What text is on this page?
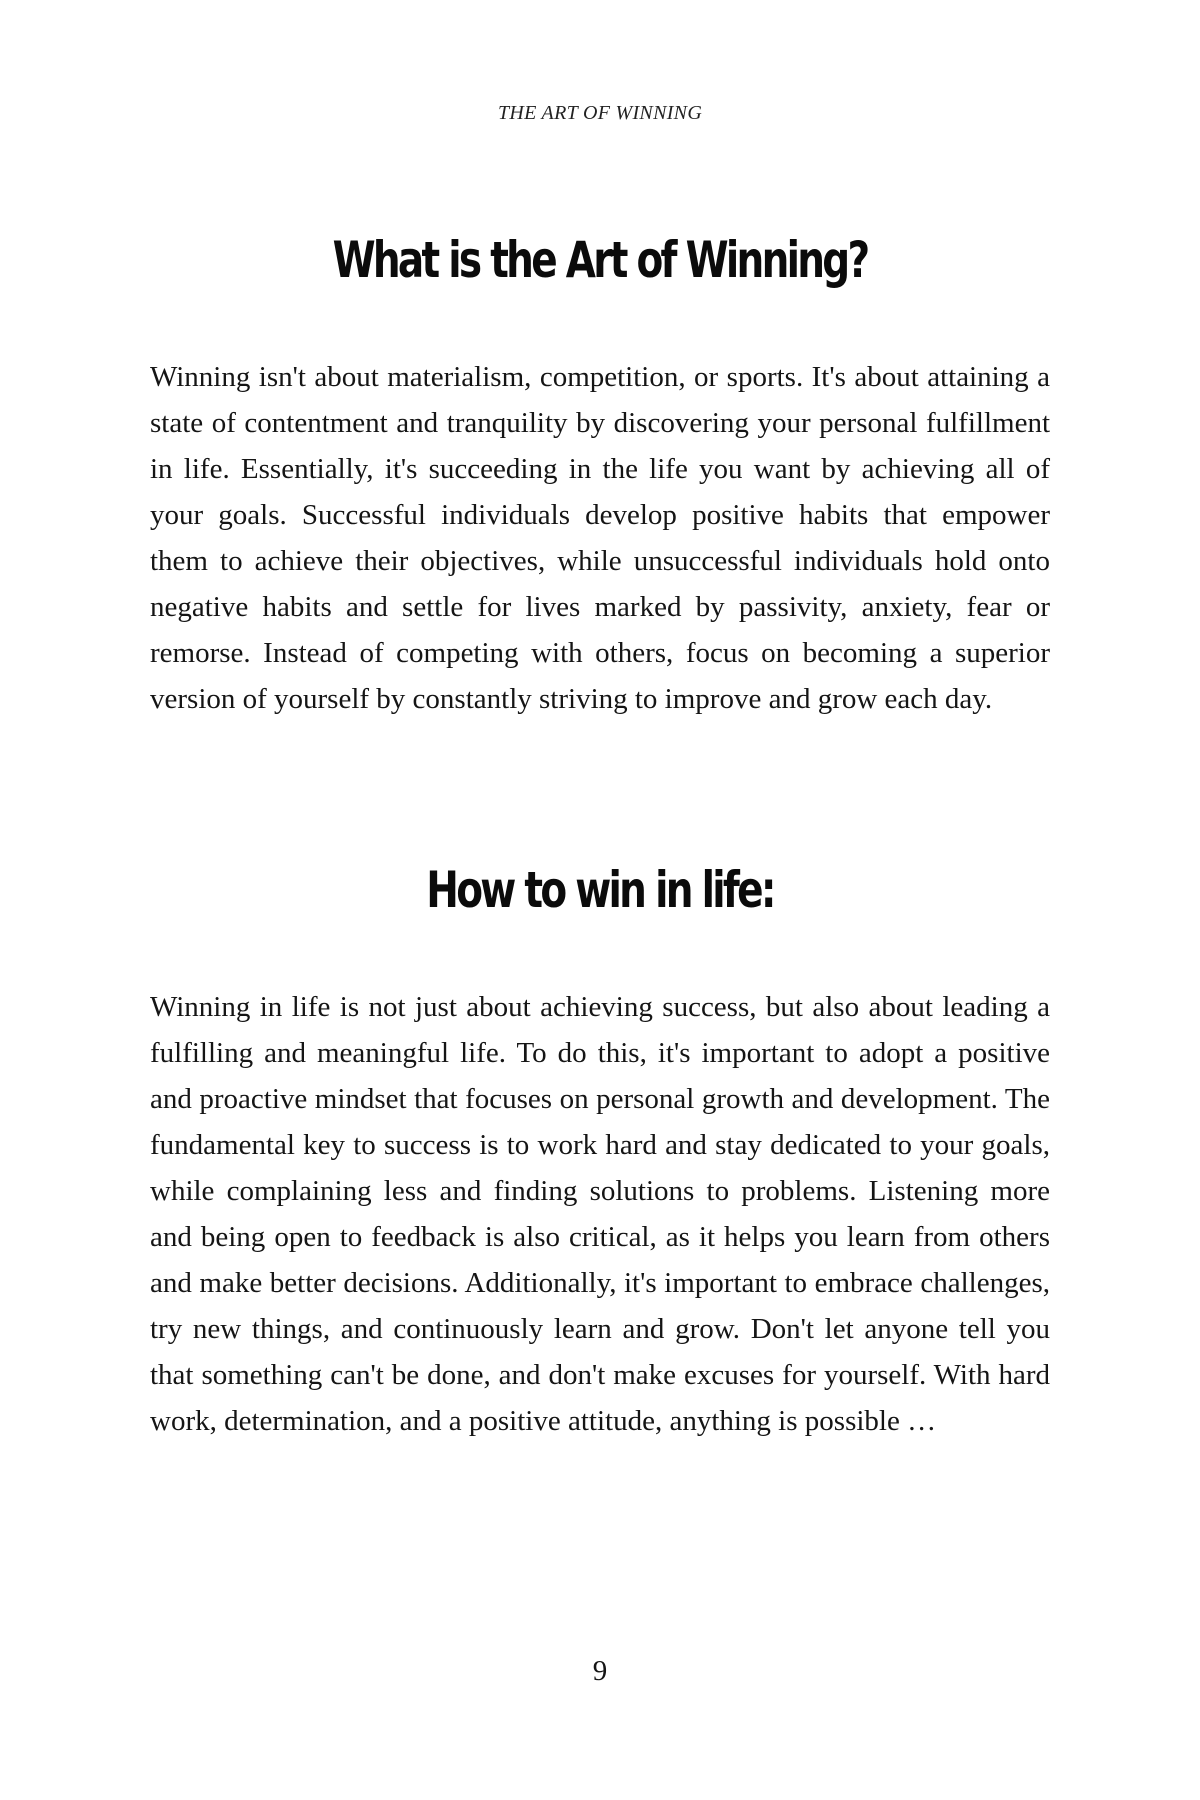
THE ART OF WINNING
What is the Art of Winning?

Winning isn't about materialism, competition, or sports. It's about attaining a state of contentment and tranquility by discovering your personal fulfillment in life. Essentially, it's succeeding in the life you want by achieving all of your goals. Successful individuals develop positive habits that empower them to achieve their objectives, while unsuccessful individuals hold onto negative habits and settle for lives marked by passivity, anxiety, fear or remorse. Instead of competing with others, focus on becoming a superior version of yourself by constantly striving to improve and grow each day.

How to win in life:

Winning in life is not just about achieving success, but also about leading a fulfilling and meaningful life. To do this, it's important to adopt a positive and proactive mindset that focuses on personal growth and development. The fundamental key to success is to work hard and stay dedicated to your goals, while complaining less and finding solutions to problems. Listening more and being open to feedback is also critical, as it helps you learn from others and make better decisions. Additionally, it's important to embrace challenges, try new things, and continuously learn and grow. Don't let anyone tell you that something can't be done, and don't make excuses for yourself. With hard work, determination, and a positive attitude, anything is possible …

9
